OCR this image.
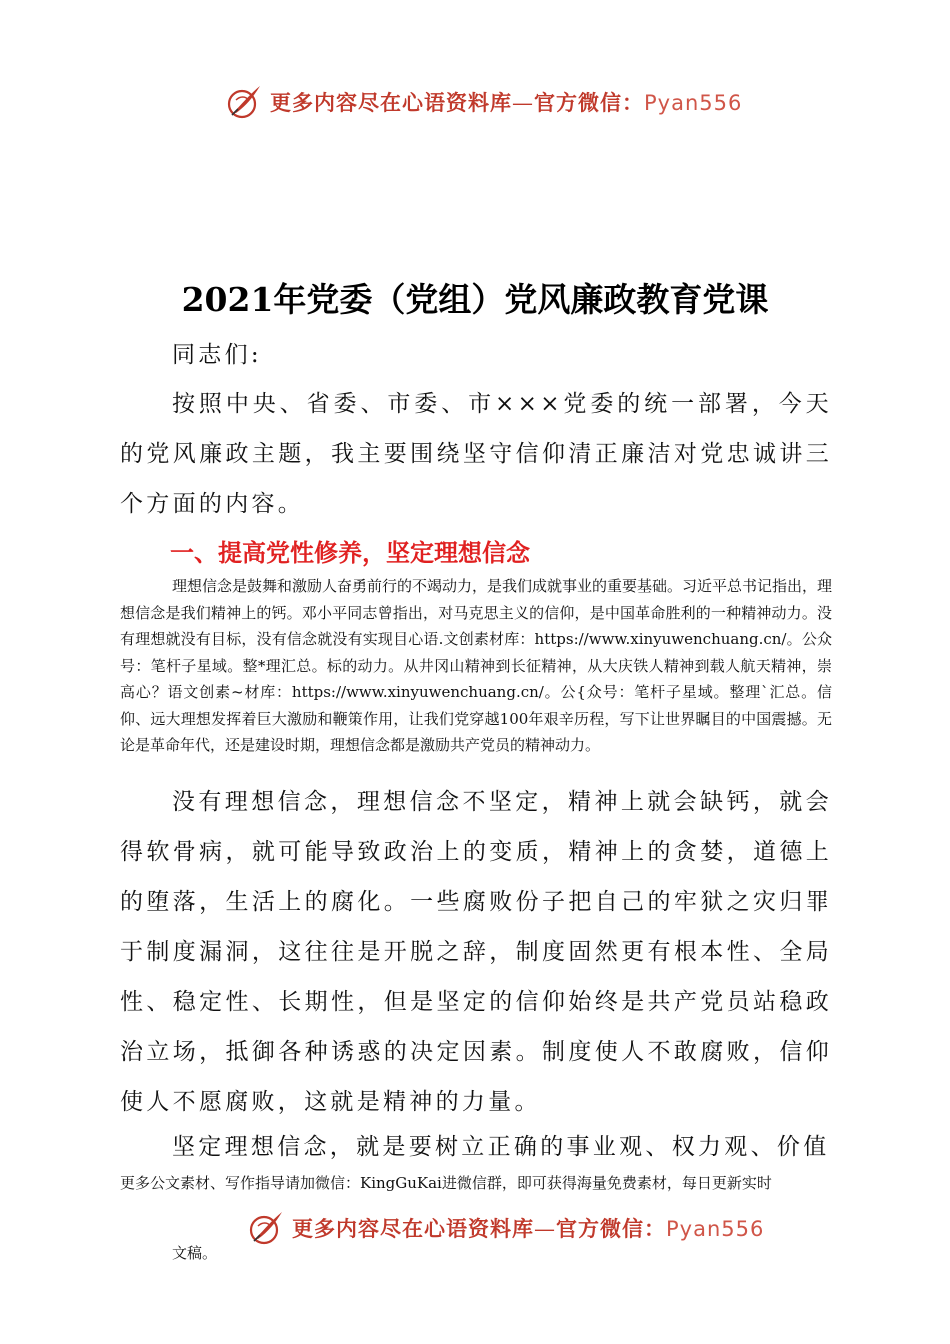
更多内容尽在心语资料库—官方微信：Pyan556
2021年党委（党组）党风廉政教育党课

同志们:

按照中央、省委、市委、市×××党委的统一部署，今天的党风廉政主题，我主要围绕坚守信仰清正廉洁对党忠诚讲三个方面的内容。

一、提高党性修养，坚定理想信念

理想信念是鼓舞和激励人奋勇前行的不竭动力，是我们成就事业的重要基础。习近平总书记指出，理想信念是我们精神上的钙。邓小平同志曾指出，对马克思主义的信仰，是中国革命胜利的一种精神动力。没有理想就没有目标，没有信念就没有实现目心语.文创素材库：https://www.xinyuwenchuang.cn/。公众号：笔杆子星域。整*理汇总。标的动力。从井冈山精神到长征精神，从大庆铁人精神到载人航天精神，崇高心？语文创素~材库：https://www.xinyuwenchuang.cn/。公{众号：笔杆子星域。整理`汇总。信仰、远大理想发挥着巨大激励和鞭策作用，让我们党穿越100年艰辛历程，写下让世界瞩目的中国震撼。无论是革命年代，还是建设时期，理想信念都是激励共产党员的精神动力。

没有理想信念，理想信念不坚定，精神上就会缺钙，就会得软骨病，就可能导致政治上的变质，精神上的贪婪，道德上的堕落，生活上的腐化。一些腐败份子把自己的牢狱之灾归罪于制度漏洞，这往往是开脱之辞，制度固然更有根本性、全局性、稳定性、长期性，但是坚定的信仰始终是共产党员站稳政治立场，抵御各种诱惑的决定因素。制度使人不敢腐败，信仰使人不愿腐败，这就是精神的力量。

坚定理想信念，就是要树立正确的事业观、权力观、价值

更多公文素材、写作指导请加微信：KingGuKai进微信群，即可获得海量免费素材，每日更新实时

更多内容尽在心语资料库—官方微信：Pyan556

文稿。
